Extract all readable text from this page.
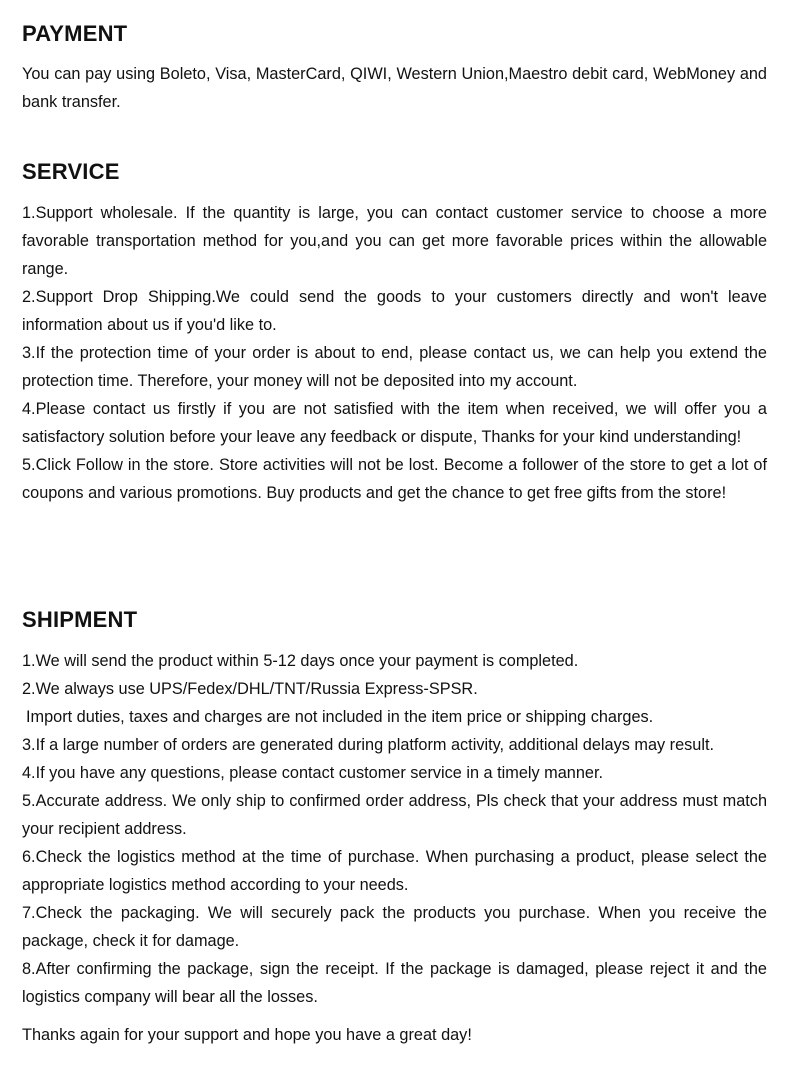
PAYMENT

You can pay using Boleto, Visa, MasterCard, QIWI, Western Union,Maestro debit card, WebMoney and bank transfer.

SERVICE

1.Support wholesale. If the quantity is large, you can contact customer service to choose a more favorable transportation method for you,and you can get more favorable prices within the allowable range.

2.Support Drop Shipping.We could send the goods to your customers directly and won't leave information about us if you'd like to.

3.If the protection time of your order is about to end, please contact us, we can help you extend the protection time. Therefore, your money will not be deposited into my account.

4.Please contact us firstly if you are not satisfied with the item when received, we will offer you a satisfactory solution before your leave any feedback or dispute, Thanks for your kind understanding!

5.Click Follow in the store. Store activities will not be lost. Become a follower of the store to get a lot of coupons and various promotions. Buy products and get the chance to get free gifts from the store!

SHIPMENT

1.We will send the product within 5-12 days once your payment is completed.

2.We always use UPS/Fedex/DHL/TNT/Russia Express-SPSR.

Import duties, taxes and charges are not included in the item price or shipping charges.

3.If a large number of orders are generated during platform activity, additional delays may result.

4.If you have any questions, please contact customer service in a timely manner.

5.Accurate address. We only ship to confirmed order address, Pls check that your address must match your recipient address.

6.Check the logistics method at the time of purchase. When purchasing a product, please select the appropriate logistics method according to your needs.

7.Check the packaging. We will securely pack the products you purchase. When you receive the package, check it for damage.

8.After confirming the package, sign the receipt. If the package is damaged, please reject it and the logistics company will bear all the losses.

Thanks again for your support and hope you have a great day!
